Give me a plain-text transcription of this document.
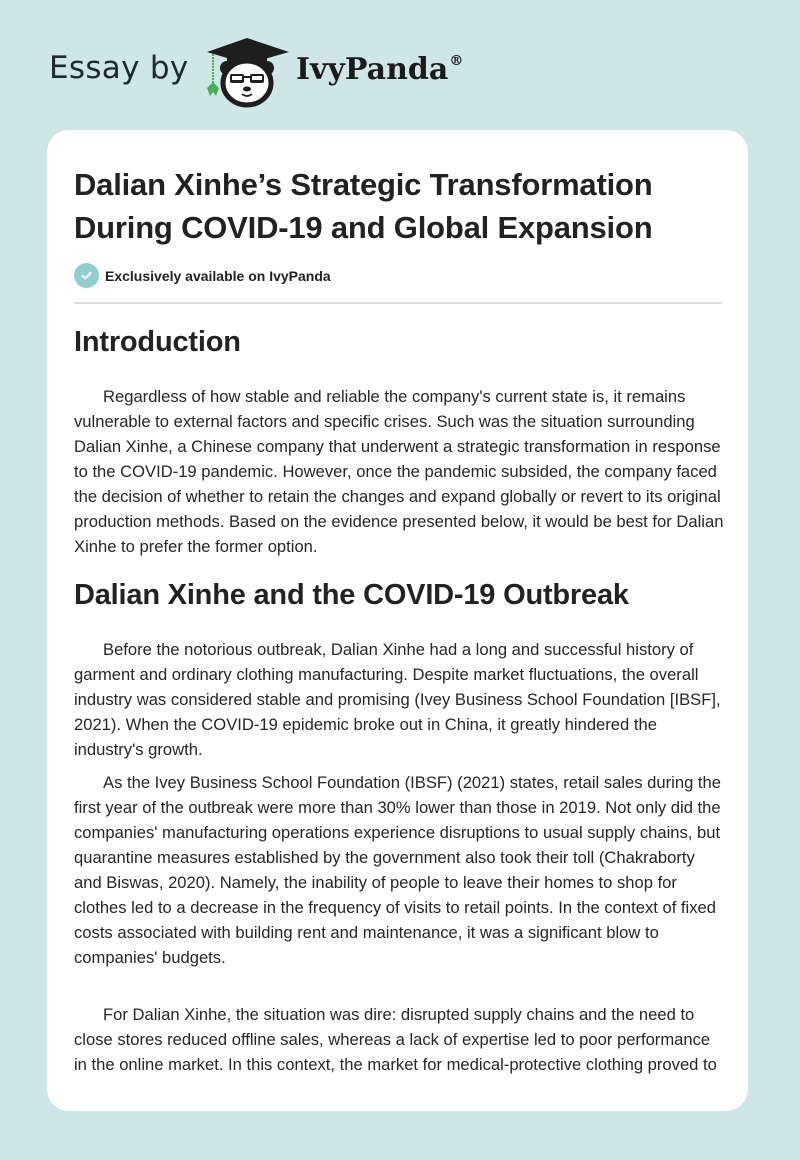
Essay by	IvyPanda®
Dalian Xinhe’s Strategic Transformation During COVID-19 and Global Expansion
Exclusively available on IvyPanda
Introduction

Regardless of how stable and reliable the company's current state is, it remains vulnerable to external factors and specific crises. Such was the situation surrounding Dalian Xinhe, a Chinese company that underwent a strategic transformation in response to the COVID-19 pandemic. However, once the pandemic subsided, the company faced the decision of whether to retain the changes and expand globally or revert to its original production methods. Based on the evidence presented below, it would be best for Dalian Xinhe to prefer the former option.

Dalian Xinhe and the COVID-19 Outbreak

Before the notorious outbreak, Dalian Xinhe had a long and successful history of garment and ordinary clothing manufacturing. Despite market fluctuations, the overall industry was considered stable and promising (Ivey Business School Foundation [IBSF], 2021). When the COVID-19 epidemic broke out in China, it greatly hindered the industry's growth.

As the Ivey Business School Foundation (IBSF) (2021) states, retail sales during the first year of the outbreak were more than 30% lower than those in 2019. Not only did the companies' manufacturing operations experience disruptions to usual supply chains, but quarantine measures established by the government also took their toll (Chakraborty and Biswas, 2020). Namely, the inability of people to leave their homes to shop for clothes led to a decrease in the frequency of visits to retail points. In the context of fixed costs associated with building rent and maintenance, it was a significant blow to companies' budgets.

For Dalian Xinhe, the situation was dire: disrupted supply chains and the need to close stores reduced offline sales, whereas a lack of expertise led to poor performance in the online market. In this context, the market for medical-protective clothing proved to
